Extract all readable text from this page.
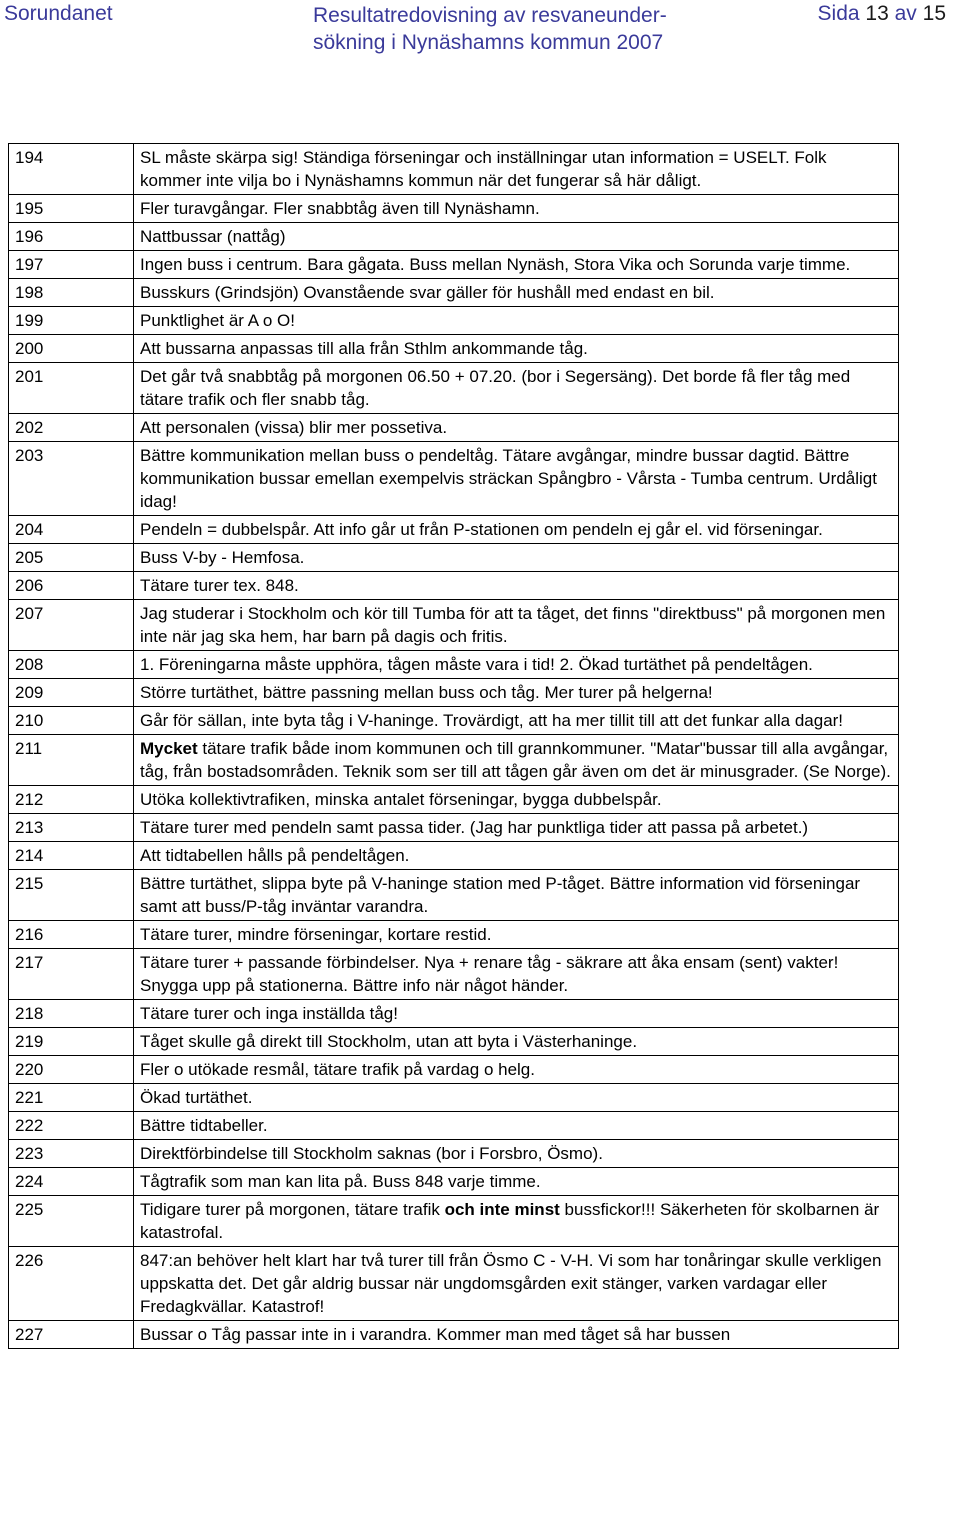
Sorundanet	Resultatredovisning av resvaneunder-
sökning i Nynäshamns kommun 2007
Sida 13 av 15
194	SL måste skärpa sig! Ständiga förseningar och inställningar utan information = USELT. Folk kommer inte vilja bo i Nynäshamns kommun när det fungerar så här dåligt.
195	Fler turavgångar. Fler snabbtåg även till Nynäshamn.
196	Nattbussar (nattåg)
197	Ingen buss i centrum. Bara gågata. Buss mellan Nynäsh, Stora Vika och Sorunda varje timme.
198	Busskurs (Grindsjön) Ovanstående svar gäller för hushåll med endast en bil.
199	Punktlighet är A o O!
200	Att bussarna anpassas till alla från Sthlm ankommande tåg.
201	Det går två snabbtåg på morgonen 06.50 + 07.20. (bor i Segersäng). Det borde få fler tåg med tätare trafik och fler snabb tåg.
202	Att personalen (vissa) blir mer possetiva.
203	Bättre kommunikation mellan buss o pendeltåg. Tätare avgångar, mindre bussar dagtid. Bättre kommunikation bussar emellan exempelvis sträckan Spångbro - Vårsta - Tumba centrum. Urdåligt idag!
204	Pendeln = dubbelspår. Att info går ut från P-stationen om pendeln ej går el. vid förseningar.
205	Buss V-by - Hemfosa.
206	Tätare turer tex. 848.
207	Jag studerar i Stockholm och kör till Tumba för att ta tåget, det finns "direktbuss" på morgonen men inte när jag ska hem, har barn på dagis och fritis.
208	1. Föreningarna måste upphöra, tågen måste vara i tid! 2. Ökad turtäthet på pendeltågen.
209	Större turtäthet, bättre passning mellan buss och tåg. Mer turer på helgerna!
210	Går för sällan, inte byta tåg i V-haninge. Trovärdigt, att ha mer tillit till att det funkar alla dagar!
211	Mycket tätare trafik både inom kommunen och till grannkommuner. "Matar"bussar till alla avgångar, tåg, från bostadsområden. Teknik som ser till att tågen går även om det är minusgrader. (Se Norge).
212	Utöka kollektivtrafiken, minska antalet förseningar, bygga dubbelspår.
213	Tätare turer med pendeln samt passa tider. (Jag har punktliga tider att passa på arbetet.)
214	Att tidtabellen hålls på pendeltågen.
215	Bättre turtäthet, slippa byte på V-haninge station med P-tåget. Bättre information vid förseningar samt att buss/P-tåg inväntar varandra.
216	Tätare turer, mindre förseningar, kortare restid.
217	Tätare turer + passande förbindelser. Nya + renare tåg - säkrare att åka ensam (sent) vakter! Snygga upp på stationerna. Bättre info när något händer.
218	Tätare turer och inga inställda tåg!
219	Tåget skulle gå direkt till Stockholm, utan att byta i Västerhaninge.
220	Fler o utökade resmål, tätare trafik på vardag o helg.
221	Ökad turtäthet.
222	Bättre tidtabeller.
223	Direktförbindelse till Stockholm saknas (bor i Forsbro, Ösmo).
224	Tågtrafik som man kan lita på. Buss 848 varje timme.
225	Tidigare turer på morgonen, tätare trafik och inte minst bussfickor!!! Säkerheten för skolbarnen är katastrofal.
226	847:an behöver helt klart har två turer till från Ösmo C - V-H. Vi som har tonåringar skulle verkligen uppskatta det. Det går aldrig bussar när ungdomsgården exit stänger, varken vardagar eller Fredagkvällar. Katastrof!
227	Bussar o Tåg passar inte in i varandra. Kommer man med tåget så har bussen
